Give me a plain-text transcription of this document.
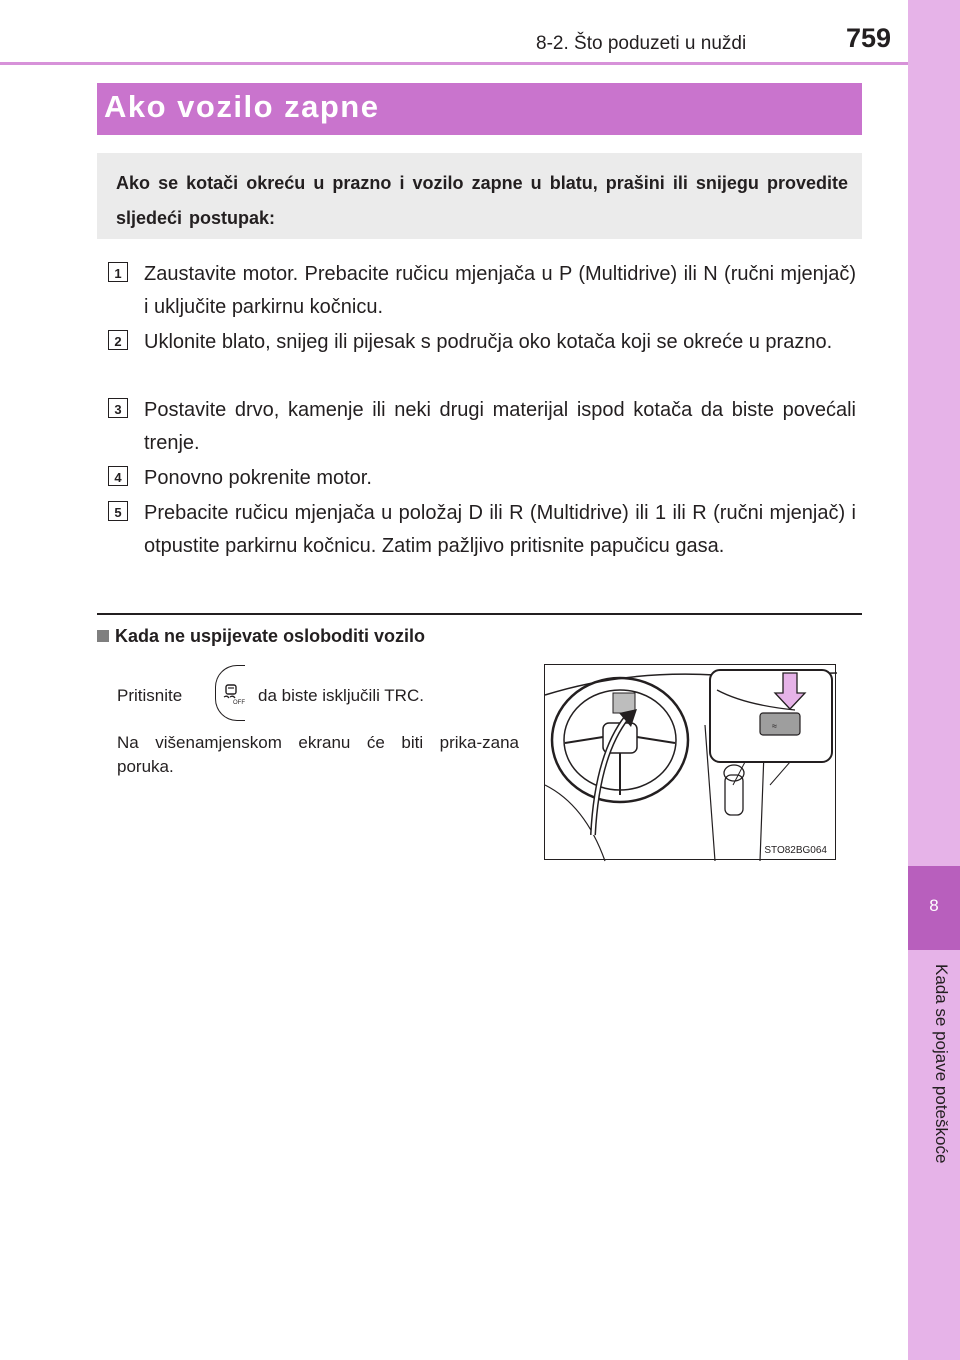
8-2. Što poduzeti u nuždi	759
8
Kada se pojave poteškoće
Ako vozilo zapne
Ako se kotači okreću u prazno i vozilo zapne u blatu, prašini ili snijegu provedite sljedeći postupak:
1	Zaustavite motor. Prebacite ručicu mjenjača u P (Multidrive) ili N (ručni mjenjač) i uključite parkirnu kočnicu.
2	Uklonite blato, snijeg ili pijesak s područja oko kotača koji se okreće u prazno.
3	Postavite drvo, kamenje ili neki drugi materijal ispod kotača da biste povećali trenje.
4	Ponovno pokrenite motor.
5	Prebacite ručicu mjenjača u položaj D ili R (Multidrive) ili 1 ili R (ručni mjenjač) i otpustite parkirnu kočnicu. Zatim pažljivo pritisnite papučicu gasa.
Kada ne uspijevate osloboditi vozilo
Pritisnite	da biste isključili TRC.
OFF
Na višenamjenskom ekranu će biti prika-zana poruka.
≈
STO82BG064
